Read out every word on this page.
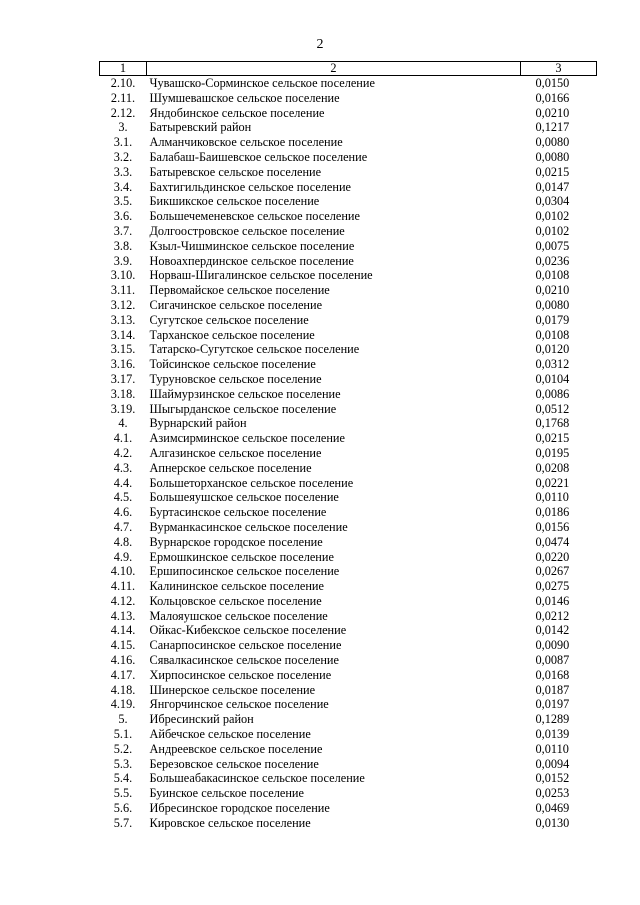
2
1	2	3
2.10.	Чувашско-Сорминское сельское поселение	0,0150
2.11.	Шумшевашское сельское поселение	0,0166
2.12.	Яндобинское сельское поселение	0,0210
3.	Батыревский район	0,1217
3.1.	Алманчиковское сельское поселение	0,0080
3.2.	Балабаш-Баишевское сельское поселение	0,0080
3.3.	Батыревское сельское поселение	0,0215
3.4.	Бахтигильдинское сельское поселение	0,0147
3.5.	Бикшикское сельское поселение	0,0304
3.6.	Большечеменевское сельское поселение	0,0102
3.7.	Долгоостровское сельское поселение	0,0102
3.8.	Кзыл-Чишминское сельское поселение	0,0075
3.9.	Новоахпердинское сельское поселение	0,0236
3.10.	Норваш-Шигалинское сельское поселение	0,0108
3.11.	Первомайское сельское поселение	0,0210
3.12.	Сигачинское сельское поселение	0,0080
3.13.	Сугутское сельское поселение	0,0179
3.14.	Тарханское сельское поселение	0,0108
3.15.	Татарско-Сугутское сельское поселение	0,0120
3.16.	Тойсинское сельское поселение	0,0312
3.17.	Туруновское сельское поселение	0,0104
3.18.	Шаймурзинское сельское поселение	0,0086
3.19.	Шыгырданское сельское поселение	0,0512
4.	Вурнарский район	0,1768
4.1.	Азимсирминское сельское поселение	0,0215
4.2.	Алгазинское сельское поселение	0,0195
4.3.	Апнерское сельское поселение	0,0208
4.4.	Большеторханское сельское поселение	0,0221
4.5.	Большеяушское сельское поселение	0,0110
4.6.	Буртасинское сельское поселение	0,0186
4.7.	Вурманкасинское сельское поселение	0,0156
4.8.	Вурнарское городское поселение	0,0474
4.9.	Ермошкинское сельское поселение	0,0220
4.10.	Ершипосинское сельское поселение	0,0267
4.11.	Калининское сельское поселение	0,0275
4.12.	Кольцовское сельское поселение	0,0146
4.13.	Малояушское сельское поселение	0,0212
4.14.	Ойкас-Кибекское сельское поселение	0,0142
4.15.	Санарпосинское сельское поселение	0,0090
4.16.	Сявалкасинское сельское поселение	0,0087
4.17.	Хирпосинское сельское поселение	0,0168
4.18.	Шинерское сельское поселение	0,0187
4.19.	Янгорчинское сельское поселение	0,0197
5.	Ибресинский район	0,1289
5.1.	Айбечское сельское поселение	0,0139
5.2.	Андреевское сельское поселение	0,0110
5.3.	Березовское сельское поселение	0,0094
5.4.	Большеабакасинское сельское поселение	0,0152
5.5.	Буинское сельское поселение	0,0253
5.6.	Ибресинское городское поселение	0,0469
5.7.	Кировское сельское поселение	0,0130
